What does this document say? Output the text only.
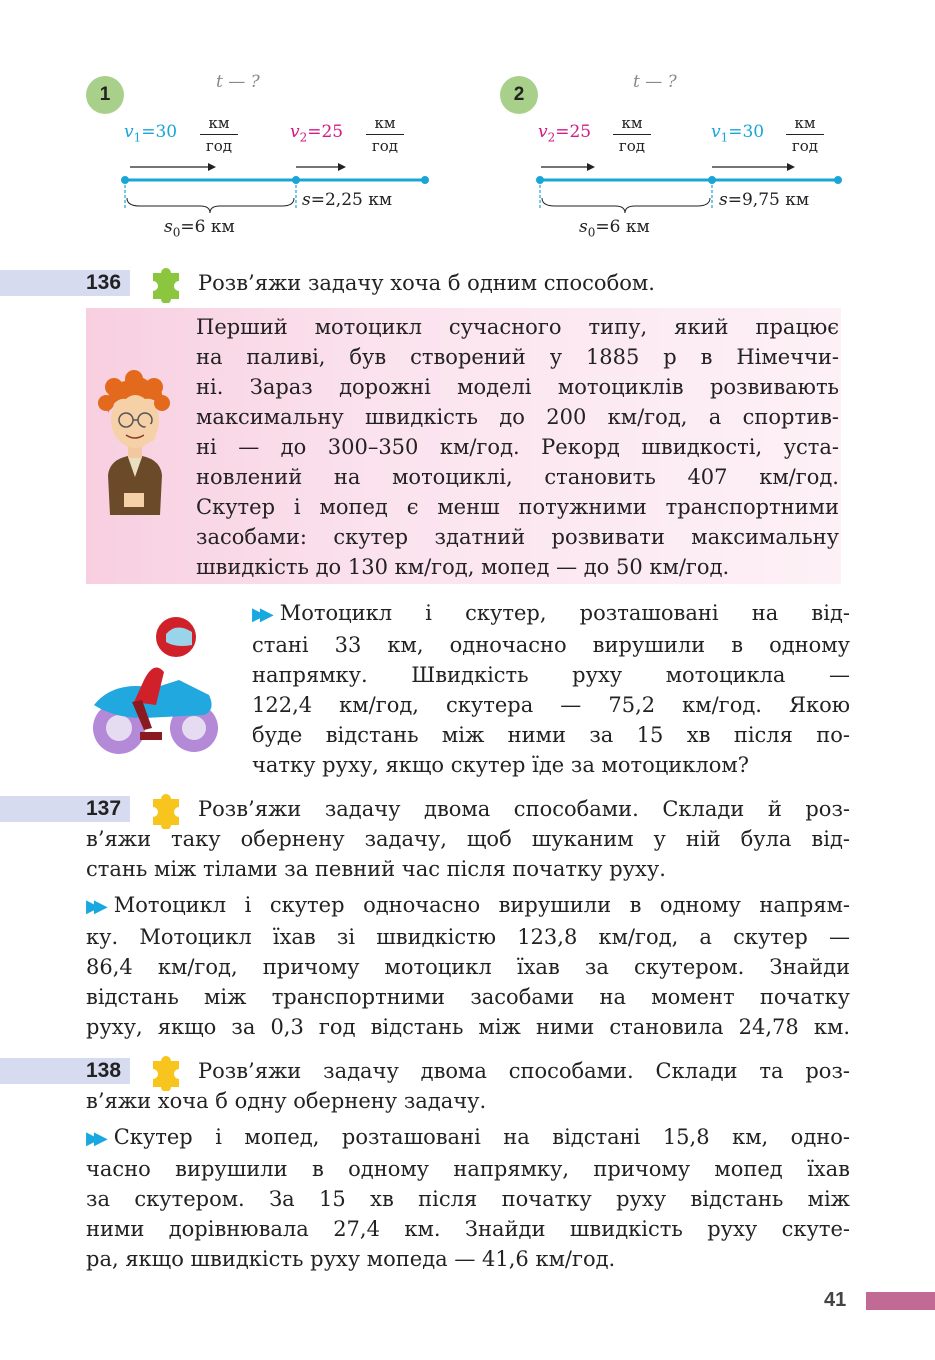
1
t — ?
$v_1=30$	км
год
$v_2=25$	км
год
s=2,25 км
$s_0=6$ км
2
t — ?
$v_2=25$	км
год
$v_1=30$	км
год
s=9,75 км
$s_0=6$ км
136	Розв’яжи задачу хоча б одним способом.
Перший мотоцикл сучасного типу, який працює
на паливі, був створений у 1885 р в Німеччи-
ні. Зараз дорожні моделі мотоциклів розвивають
максимальну швидкість до 200 км/год, а спортив-
ні — до 300–350 км/год. Рекорд швидкості, уста-
новлений на мотоциклі, становить 407 км/год.
Скутер і мопед є менш потужними транспортними
засобами: скутер здатний розвивати максимальну
швидкість до 130 км/год, мопед — до 50 км/год.
▶▶ Мотоцикл і скутер, розташовані на від-
стані 33 км, одночасно вирушили в одному
напрямку. Швидкість руху мотоцикла —
122,4 км/год, скутера — 75,2 км/год. Якою
буде відстань між ними за 15 хв після по-
чатку руху, якщо скутер їде за мотоциклом?
137	Розв’яжи задачу двома способами. Склади й роз-
в’яжи таку обернену задачу, щоб шуканим у ній була від-
стань між тілами за певний час після початку руху.
▶▶ Мотоцикл і скутер одночасно вирушили в одному напрям-
ку. Мотоцикл їхав зі швидкістю 123,8 км/год, а скутер —
86,4 км/год, причому мотоцикл їхав за скутером. Знайди
відстань між транспортними засобами на момент початку
руху, якщо за 0,3 год відстань між ними становила 24,78 км.
138	Розв’яжи задачу двома способами. Склади та роз-
в’яжи хоча б одну обернену задачу.
▶▶ Скутер і мопед, розташовані на відстані 15,8 км, одно-
часно вирушили в одному напрямку, причому мопед їхав
за скутером. За 15 хв після початку руху відстань між
ними дорівнювала 27,4 км. Знайди швидкість руху скуте-
ра, якщо швидкість руху мопеда — 41,6 км/год.
41
